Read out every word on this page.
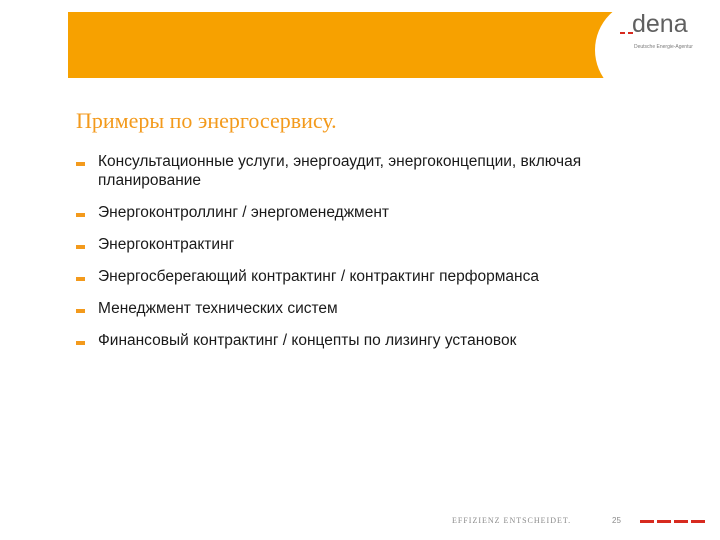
dena
Deutsche Energie-Agentur
Примеры по энергосервису.
Консультационные услуги, энергоаудит, энергоконцепции, включая планирование
Энергоконтроллинг / энергоменеджмент
Энергоконтрактинг
Энергосберегающий контрактинг / контрактинг перформанса
Менеджмент технических систем
Финансовый контрактинг / концепты по лизингу установок
EFFIZIENZ ENTSCHEIDET.	25
